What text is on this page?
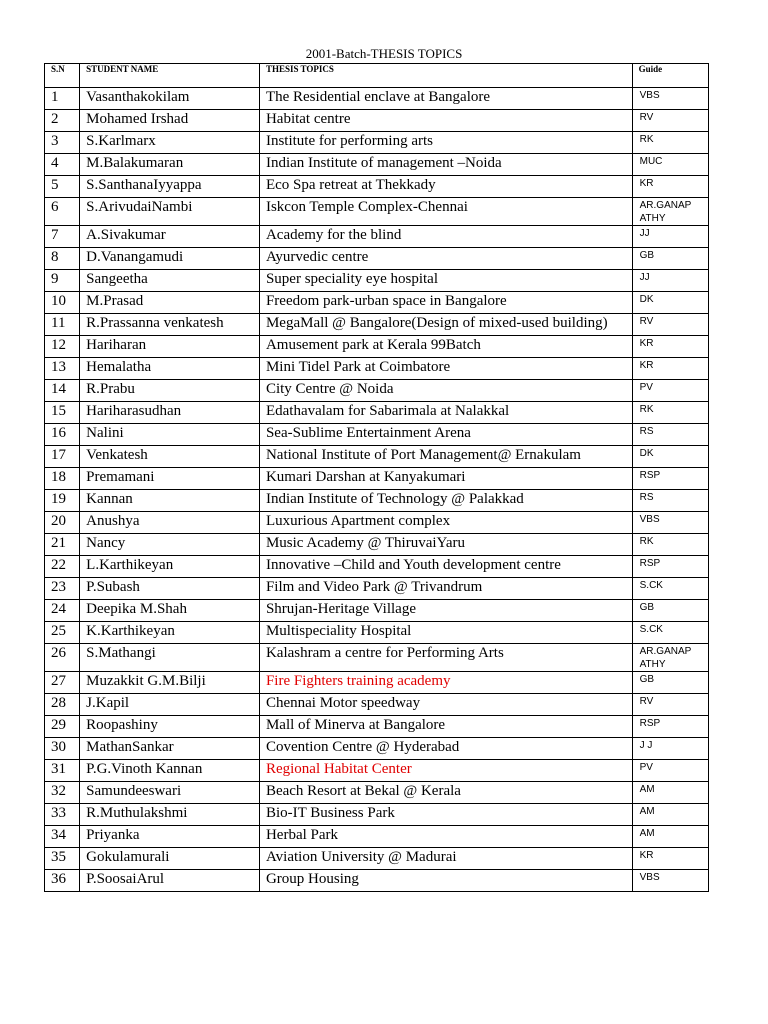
2001-Batch-THESIS TOPICS
S.N	STUDENT NAME	THESIS TOPICS	Guide
1	Vasanthakokilam	The Residential enclave at Bangalore	VBS
2	Mohamed Irshad	Habitat centre	RV
3	S.Karlmarx	Institute for performing arts	RK
4	M.Balakumaran	Indian Institute of management –Noida	MUC
5	S.SanthanaIyyappa	Eco Spa retreat at Thekkady	KR
6	S.ArivudaiNambi	Iskcon Temple Complex-Chennai	AR.GANAP ATHY
7	A.Sivakumar	Academy for the blind	JJ
8	D.Vanangamudi	Ayurvedic centre	GB
9	Sangeetha	Super speciality eye hospital	JJ
10	M.Prasad	Freedom park-urban space in Bangalore	DK
11	R.Prassanna venkatesh	MegaMall @ Bangalore(Design of mixed-used building)	RV
12	Hariharan	Amusement park at Kerala 99Batch	KR
13	Hemalatha	Mini Tidel Park at Coimbatore	KR
14	R.Prabu	City Centre @ Noida	PV
15	Hariharasudhan	Edathavalam for Sabarimala at Nalakkal	RK
16	Nalini	Sea-Sublime Entertainment Arena	RS
17	Venkatesh	National Institute of Port Management@ Ernakulam	DK
18	Premamani	Kumari Darshan at Kanyakumari	RSP
19	Kannan	Indian Institute of Technology @ Palakkad	RS
20	Anushya	Luxurious Apartment complex	VBS
21	Nancy	Music Academy @ ThiruvaiYaru	RK
22	L.Karthikeyan	Innovative –Child and Youth development centre	RSP
23	P.Subash	Film and Video Park @ Trivandrum	S.CK
24	Deepika M.Shah	Shrujan-Heritage Village	GB
25	K.Karthikeyan	Multispeciality Hospital	S.CK
26	S.Mathangi	Kalashram a centre for Performing Arts	AR.GANAP ATHY
27	Muzakkit G.M.Bilji	Fire Fighters training academy	GB
28	J.Kapil	Chennai Motor speedway	RV
29	Roopashiny	Mall of Minerva at Bangalore	RSP
30	MathanSankar	Covention Centre @ Hyderabad	J J
31	P.G.Vinoth Kannan	Regional Habitat Center	PV
32	Samundeeswari	Beach Resort at Bekal @ Kerala	AM
33	R.Muthulakshmi	Bio-IT Business Park	AM
34	Priyanka	Herbal Park	AM
35	Gokulamurali	Aviation University @ Madurai	KR
36	P.SoosaiArul	Group Housing	VBS
